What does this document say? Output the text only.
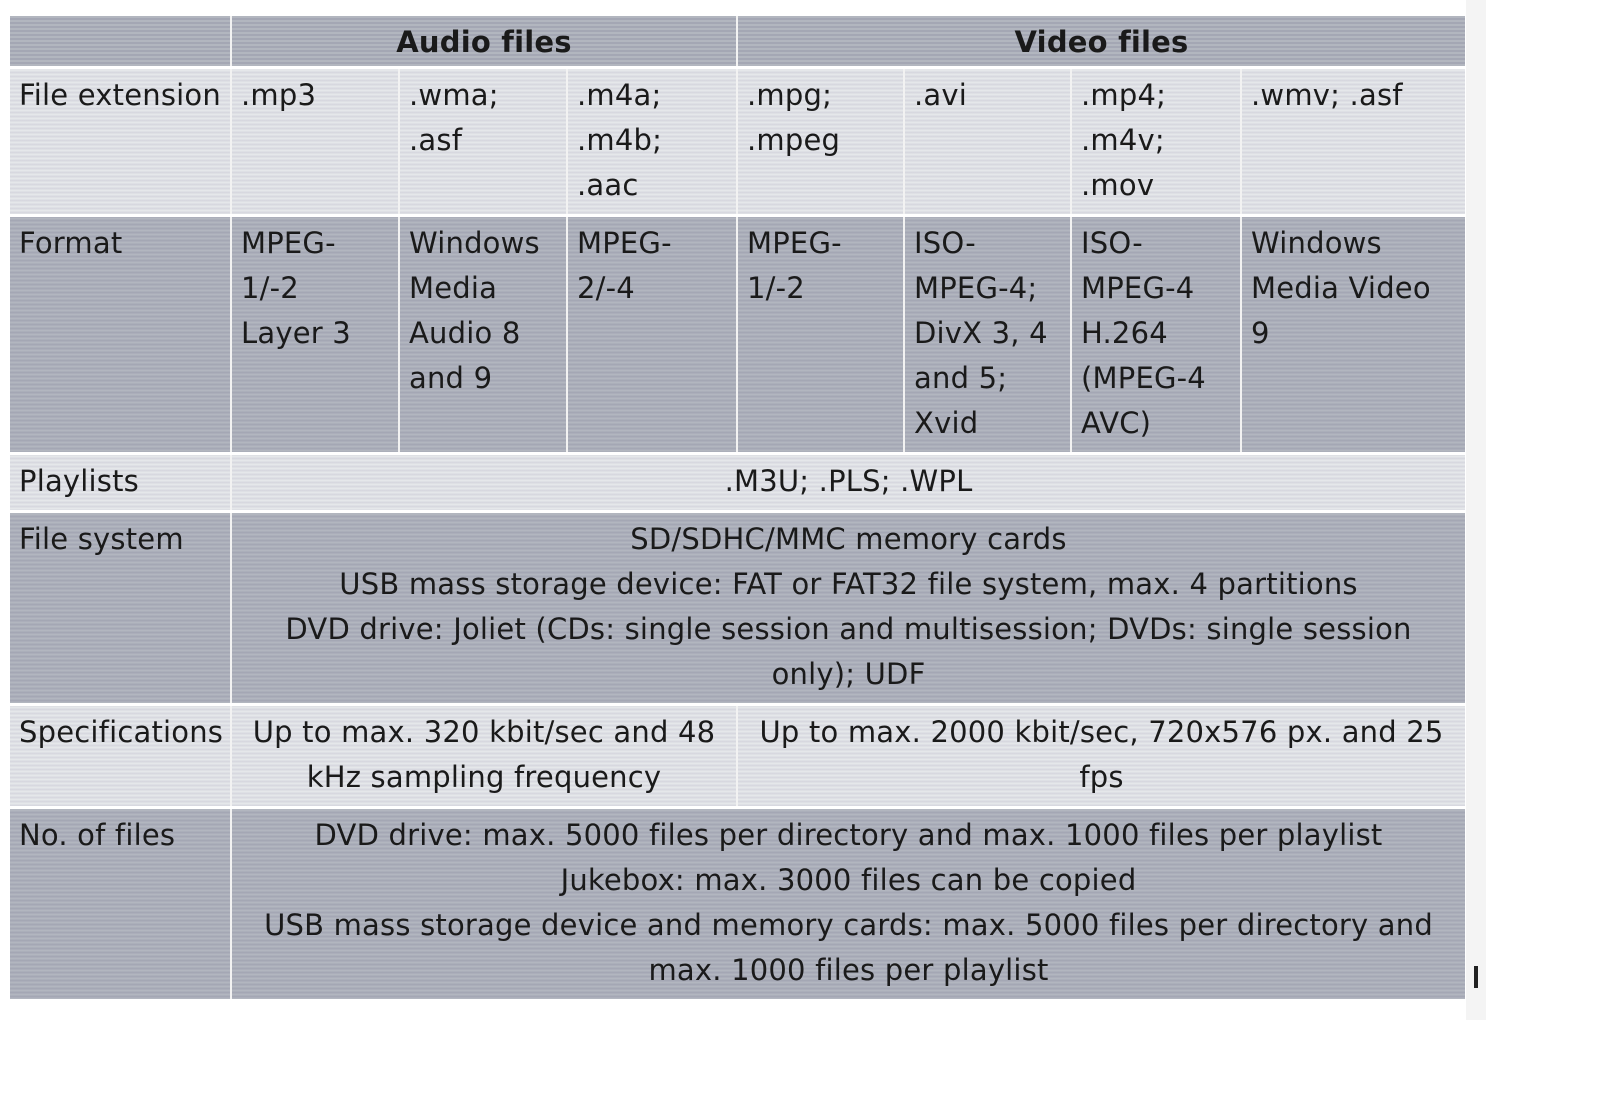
	Audio files			Video files			
File extension	.mp3	.wma; .asf	.m4a; .m4b; .aac	.mpg; .mpeg	.avi	.mp4; .m4v; .mov	.wmv; .asf
Format	MPEG-1/-2 Layer 3	Windows Media Audio 8 and 9	MPEG-2/-4	MPEG-1/-2	ISO-MPEG-4; DivX 3, 4 and 5; Xvid	ISO-MPEG-4 H.264 (MPEG-4 AVC)	Windows Media Video 9
Playlists	.M3U; .PLS; .WPL						
File system	SD/SDHC/MMC memory cards
USB mass storage device: FAT or FAT32 file system, max. 4 partitions
DVD drive: Joliet (CDs: single session and multisession; DVDs: single session only); UDF						

Specifications	Up to max. 320 kbit/sec and 48 kHz sampling frequency			Up to max. 2000 kbit/sec, 720x576 px. and 25 fps			
No. of files	DVD drive: max. 5000 files per directory and max. 1000 files per playlist
Jukebox: max. 3000 files can be copied
USB mass storage device and memory cards: max. 5000 files per directory and max. 1000 files per playlist						
